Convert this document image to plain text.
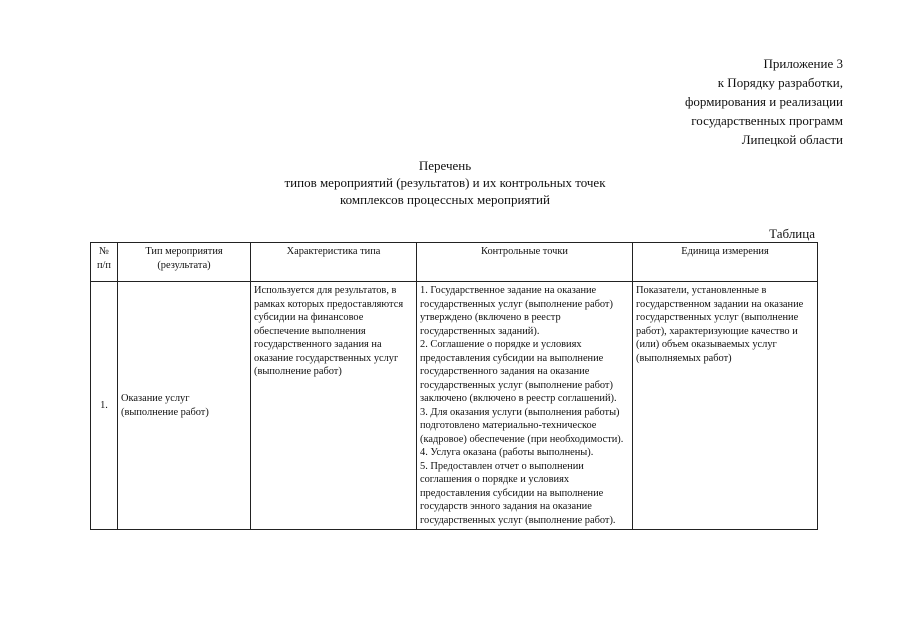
Приложение 3
к Порядку разработки,
формирования и реализации
государственных программ
Липецкой области
Перечень
типов мероприятий (результатов) и их контрольных точек
комплексов процессных мероприятий
Таблица
№ п/п	Тип мероприятия (результата)	Характеристика типа	Контрольные точки	Единица измерения
1.	Оказание услуг (выполнение работ)	Используется для результатов, в рамках которых предоставляются субсидии на финансовое обеспечение выполнения государственного задания на оказание государственных услуг (выполнение работ)	1. Государственное задание на оказание государственных услуг (выполнение работ) утверждено (включено в реестр государственных заданий).
2. Соглашение о порядке и условиях предоставления субсидии на выполнение государственного задания на оказание государственных услуг (выполнение работ) заключено (включено в реестр соглашений).
3. Для оказания услуги (выполнения работы) подготовлено материально-техническое (кадровое) обеспечение (при необходимости).
4. Услуга оказана (работы выполнены).
5. Предоставлен отчет о выполнении соглашения о порядке и условиях предоставления субсидии на выполнение государств энного задания на оказание государственных услуг (выполнение работ).	Показатели, установленные в государственном задании на оказание государственных услуг (выполнение работ), характеризующие качество и (или) объем оказываемых услуг (выполняемых работ)
